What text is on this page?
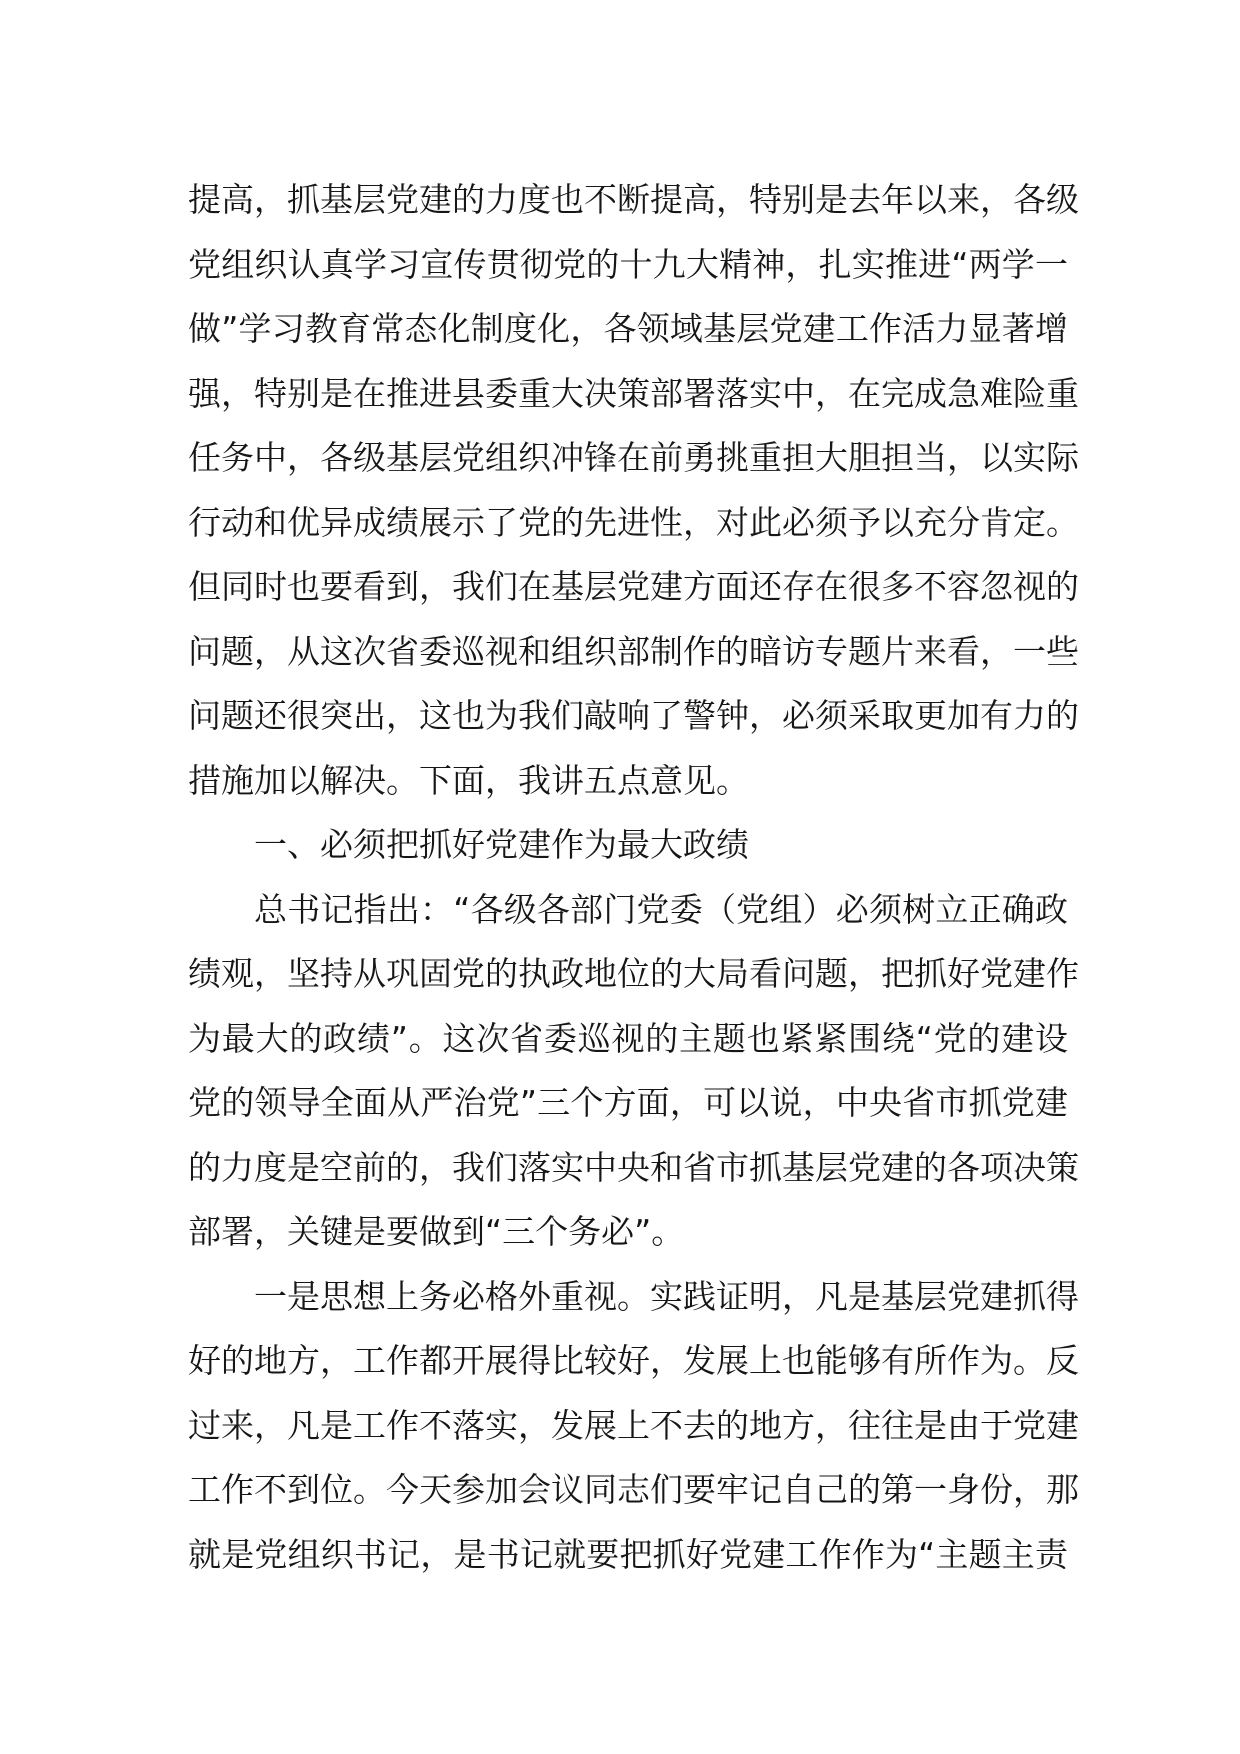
提高，抓基层党建的力度也不断提高，特别是去年以来，各级
党组织认真学习宣传贯彻党的十九大精神，扎实推进“两学一
做”学习教育常态化制度化，各领域基层党建工作活力显著增
强，特别是在推进县委重大决策部署落实中，在完成急难险重
任务中，各级基层党组织冲锋在前勇挑重担大胆担当，以实际
行动和优异成绩展示了党的先进性，对此必须予以充分肯定。
但同时也要看到，我们在基层党建方面还存在很多不容忽视的
问题，从这次省委巡视和组织部制作的暗访专题片来看，一些
问题还很突出，这也为我们敲响了警钟，必须采取更加有力的
措施加以解决。下面，我讲五点意见。
一、必须把抓好党建作为最大政绩
总书记指出：“各级各部门党委（党组）必须树立正确政
绩观，坚持从巩固党的执政地位的大局看问题，把抓好党建作
为最大的政绩”。这次省委巡视的主题也紧紧围绕“党的建设
党的领导全面从严治党”三个方面，可以说，中央省市抓党建
的力度是空前的，我们落实中央和省市抓基层党建的各项决策
部署，关键是要做到“三个务必”。
一是思想上务必格外重视。实践证明，凡是基层党建抓得
好的地方，工作都开展得比较好，发展上也能够有所作为。反
过来，凡是工作不落实，发展上不去的地方，往往是由于党建
工作不到位。今天参加会议同志们要牢记自己的第一身份，那
就是党组织书记，是书记就要把抓好党建工作作为“主题主责
